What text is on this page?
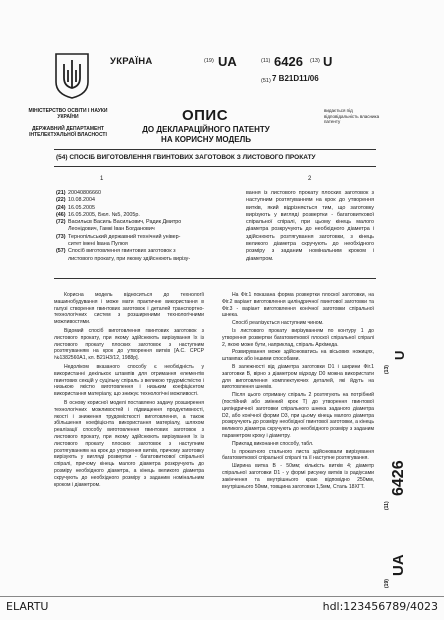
УКРАЇНА	(19) UA	(11) 6426 (13) U
(51) 7 B21D11/06
МІНІСТЕРСТВО ОСВІТИ І НАУКИ УКРАЇНИ
ДЕРЖАВНИЙ ДЕПАРТАМЕНТ ІНТЕЛЕКТУАЛЬНОЇ ВЛАСНОСТІ
ОПИС
ДО ДЕКЛАРАЦІЙНОГО ПАТЕНТУ
НА КОРИСНУ МОДЕЛЬ
видається під відповідальність власника патенту
(54) СПОСІБ ВИГОТОВЛЕННЯ ГВИНТОВИХ ЗАГОТОВОК З ЛИСТОВОГО ПРОКАТУ
1	2
(21) 20040806660
(22) 10.08.2004
(24) 16.05.2005
(46) 16.05.2005, Бюл. №5, 2005р.
(72) Васильєв Василь Васильович, Радик Дмитро
Леонідович, Гамкі Іван Богданович
(73) Тернопільський державний технічний універ-
ситет імені Івана Пулюя
(57) Спосіб виготовлення гвинтових заготовок з
листового прокату, при якому здійснюють вирізу-
вання із листового прокату плоских заготовок з наступним розтягуванням на крок до утворення витків, який відрізняється тим, що заготовку вирізують у вигляді розвертки - багатовиткової спіральної спіралі, при цьому кінець малого діаметра розкручують до необхідного діаметра і здійснюють розтягування заготовки, з кінець великого діаметра скручують до необхідного розміру з заданим номінальним кроком і діаметром.

Корисна модель відноситься до технології машинобудування і може мати практичне використання в галузі створення гвинтових заготовок і деталей транспортно-технологічних систем з розширеними технологічними можливостями.

Відомий спосіб виготовлення гвинтових заготовок з листового прокату, при якому здійснюють вирізування їх із листового прокату плоских заготовок з наступним розтягуванням на крок до утворення витків [А.С. СРСР №1382560А1, кл. В21Н3/12, 1988р].

Недоліком вказаного способу є необхідність у використанні декількох штампів для отримання елементів гвинтових секцій у суцільну спіраль з великою трудомісткістю і низькою якістю виготовлення і низьким коефіцієнтом використання матеріалу, що знижує технологічні можливості.

В основу корисної моделі поставлено задачу розширення технологічних можливостей і підвищення продуктивності, якості і зниження трудомісткості виготовлення, а також збільшення коефіцієнта використання матеріалу, шляхом реалізації способу виготовлення гвинтових заготовок з листового прокату, при якому здійснюють вирізування їх із листового прокату плоских заготовок з наступним розтягуванням на крок до утворення витків, причому заготовку вирізують у вигляді розвертки - багатовиткової спіральної спіралі, причому кінець малого діаметра розкручують до розміру необхідного діаметра, а кінець великого діаметра скручують до необхідного розміру з заданим номінальним кроком і діаметром.

На Фіг.1 показана форма розвертки плоскої заготовки, на Фіг.2 варіант виготовлення циліндричної гвинтової заготовки та Фіг.3 - варіант виготовлення конічної заготовки спіральної шнека.

Спосіб реалізується наступним чином.

Із листового прокату вирізуванням по контуру 1 до утворення розвертки багатовиткової плоскої спіральної спіралі 2, якою може бути, наприклад, спіраль Архімеда.

Розвирування може здійснюватись на вiсьових ножицях, штампах або іншими способами.

В залежності від діаметра заготовки D1 і ширини Фіг.1 заготовки В, вiрно з діаметром відходу D0 можна використати для виготовлення комплектуючих деталей, які йдуть на виготовлення шнеків.

Після цього отриману спіраль 2 розтягують на потрібний (постійний або змінний крок Т) до утворення гвинтової циліндричної заготовки спірального шнека заданого діаметра D2, або конічної форми D3, при цьому кінець малого діаметра розкручують до розміру необхідної гвинтової заготовки, а кінець великого діаметра скручують до необхідного розміру з заданим параметром кроку і діаметру.

Приклад виконання способу, табл.

Із прокатного стального листа здійснювали вирізування багатовиткової спіральної спіралі та її наступне розтягування.

Ширина витка В - 50мм; кількість витків 4; діаметр спіральної заготовки D1 - у формі рисунку витків із радіусами закінчення та внутрішнього краю відповідно 250мм, внутрішнього 50мм, товщина заготовки 1,5мм, Сталь 18ХГТ.

(13)
U
(11)
6426
(19)
UA
ELARTU	hdl:123456789/4023
